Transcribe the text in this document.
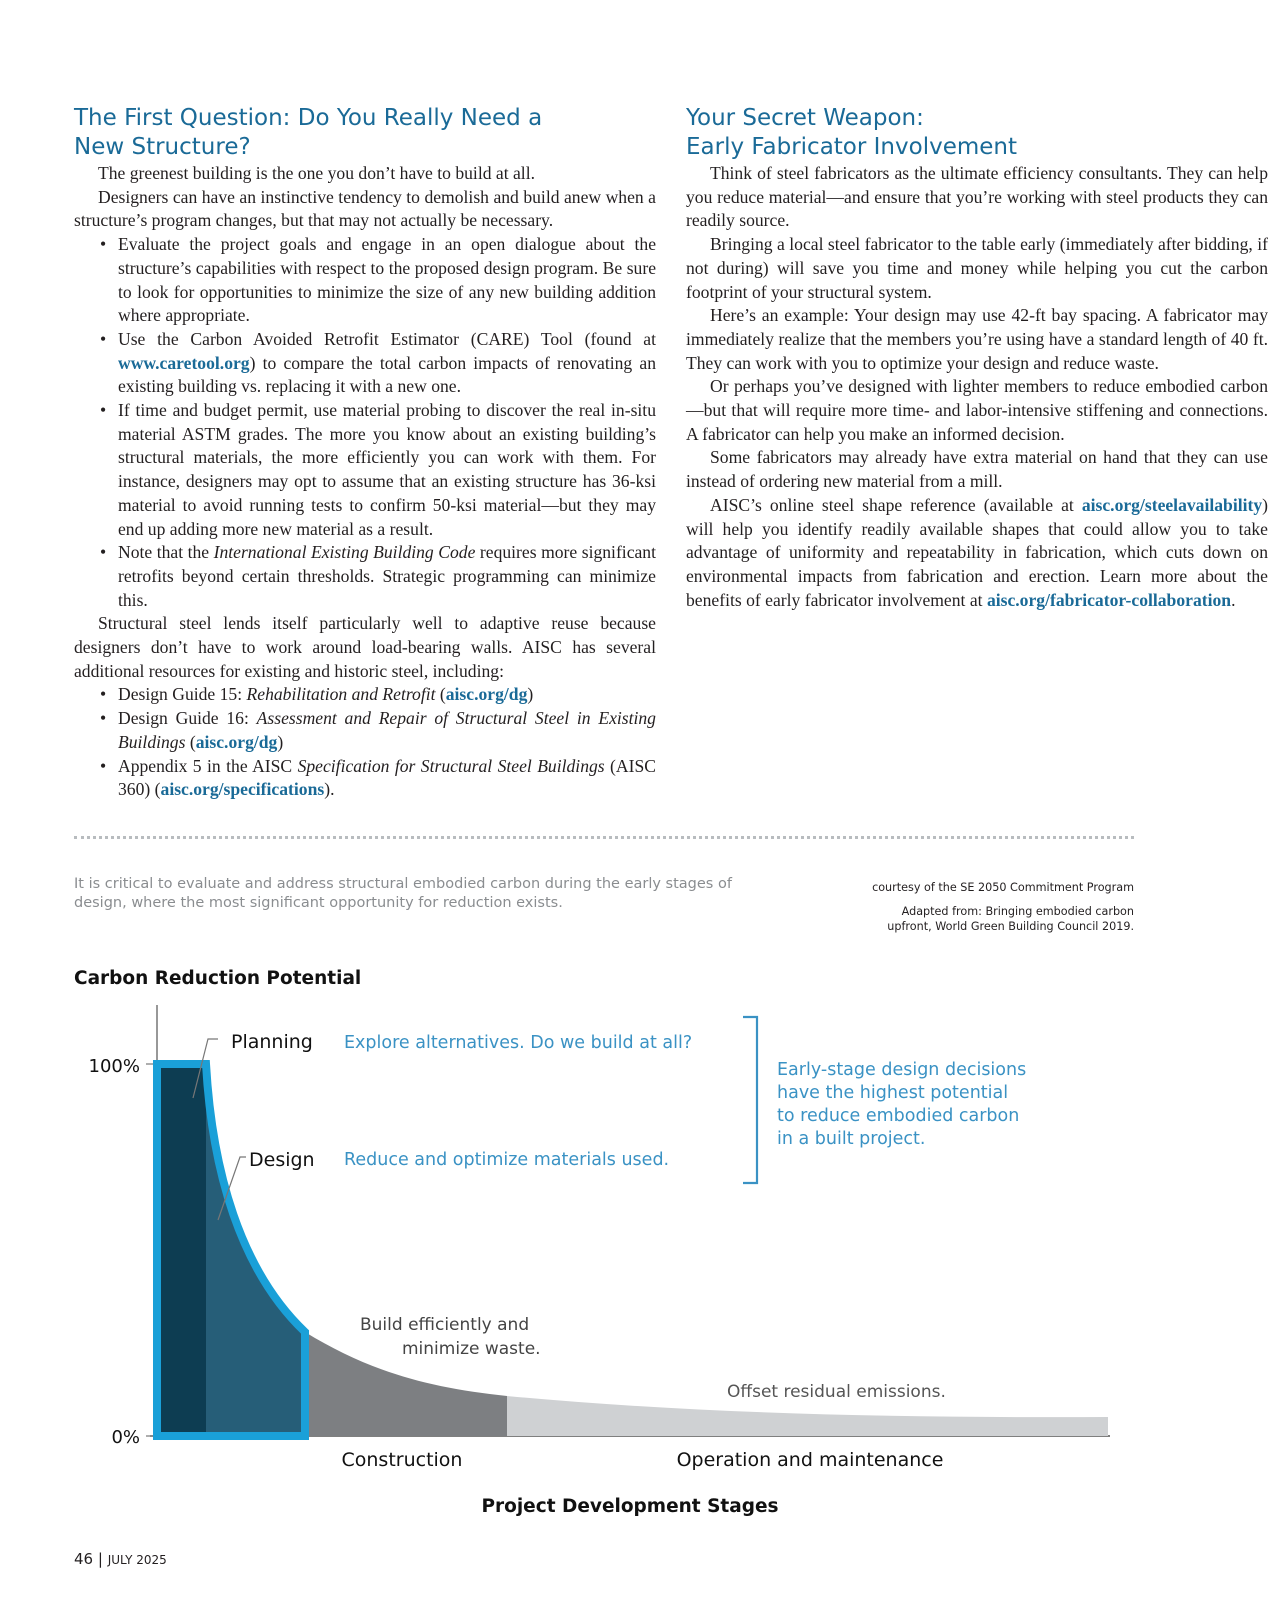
The First Question: Do You Really Need a
New Structure?

The greenest building is the one you don’t have to build at all.

Designers can have an instinctive tendency to demolish and build anew when a structure’s program changes, but that may not actually be necessary.

• Evaluate the project goals and engage in an open dialogue about the structure’s capabilities with respect to the proposed design program. Be sure to look for opportunities to minimize the size of any new building addition where appropriate.
• Use the Carbon Avoided Retrofit Estimator (CARE) Tool (found at www.caretool.org) to compare the total carbon impacts of renovating an existing building vs. replacing it with a new one.
• If time and budget permit, use material probing to discover the real in-situ material ASTM grades. The more you know about an existing building’s structural materials, the more efficiently you can work with them. For instance, designers may opt to assume that an existing structure has 36-ksi material to avoid running tests to confirm 50-ksi material—but they may end up adding more new material as a result.
• Note that the International Existing Building Code requires more significant retrofits beyond certain thresholds. Strategic programming can minimize this.

Structural steel lends itself particularly well to adaptive reuse because designers don’t have to work around load-bearing walls. AISC has several additional resources for existing and historic steel, including:

• Design Guide 15: Rehabilitation and Retrofit (aisc.org/dg)
• Design Guide 16: Assessment and Repair of Structural Steel in Existing Buildings (aisc.org/dg)
• Appendix 5 in the AISC Specification for Structural Steel Buildings (AISC 360) (aisc.org/specifications).
Your Secret Weapon:
Early Fabricator Involvement

Think of steel fabricators as the ultimate efficiency consultants. They can help you reduce material—and ensure that you’re working with steel products they can readily source.

Bringing a local steel fabricator to the table early (immediately after bidding, if not during) will save you time and money while helping you cut the carbon footprint of your structural system.

Here’s an example: Your design may use 42-ft bay spacing. A fabricator may immediately realize that the members you’re using have a standard length of 40 ft. They can work with you to optimize your design and reduce waste.

Or perhaps you’ve designed with lighter members to reduce embodied carbon—but that will require more time- and labor-intensive stiffening and connections. A fabricator can help you make an informed decision.

Some fabricators may already have extra material on hand that they can use instead of ordering new material from a mill.

AISC’s online steel shape reference (available at aisc.org/steelavailability) will help you identify readily available shapes that could allow you to take advantage of uniformity and repeatability in fabrication, which cuts down on environmental impacts from fabrication and erection. Learn more about the benefits of early fabricator involvement at aisc.org/fabricator-collaboration.

It is critical to evaluate and address structural embodied carbon during the early stages of design, where the most significant opportunity for reduction exists.
courtesy of the SE 2050 Commitment Program
Adapted from: Bringing embodied carbon
upfront, World Green Building Council 2019.
Carbon Reduction Potential
100%
0%
Planning
Design
Explore alternatives. Do we build at all?
Reduce and optimize materials used.
Build efficiently and
minimize waste.
Offset residual emissions.
Early-stage design decisions
have the highest potential
to reduce embodied carbon
in a built project.
Construction	Operation and maintenance
Project Development Stages
46 | JULY 2025
